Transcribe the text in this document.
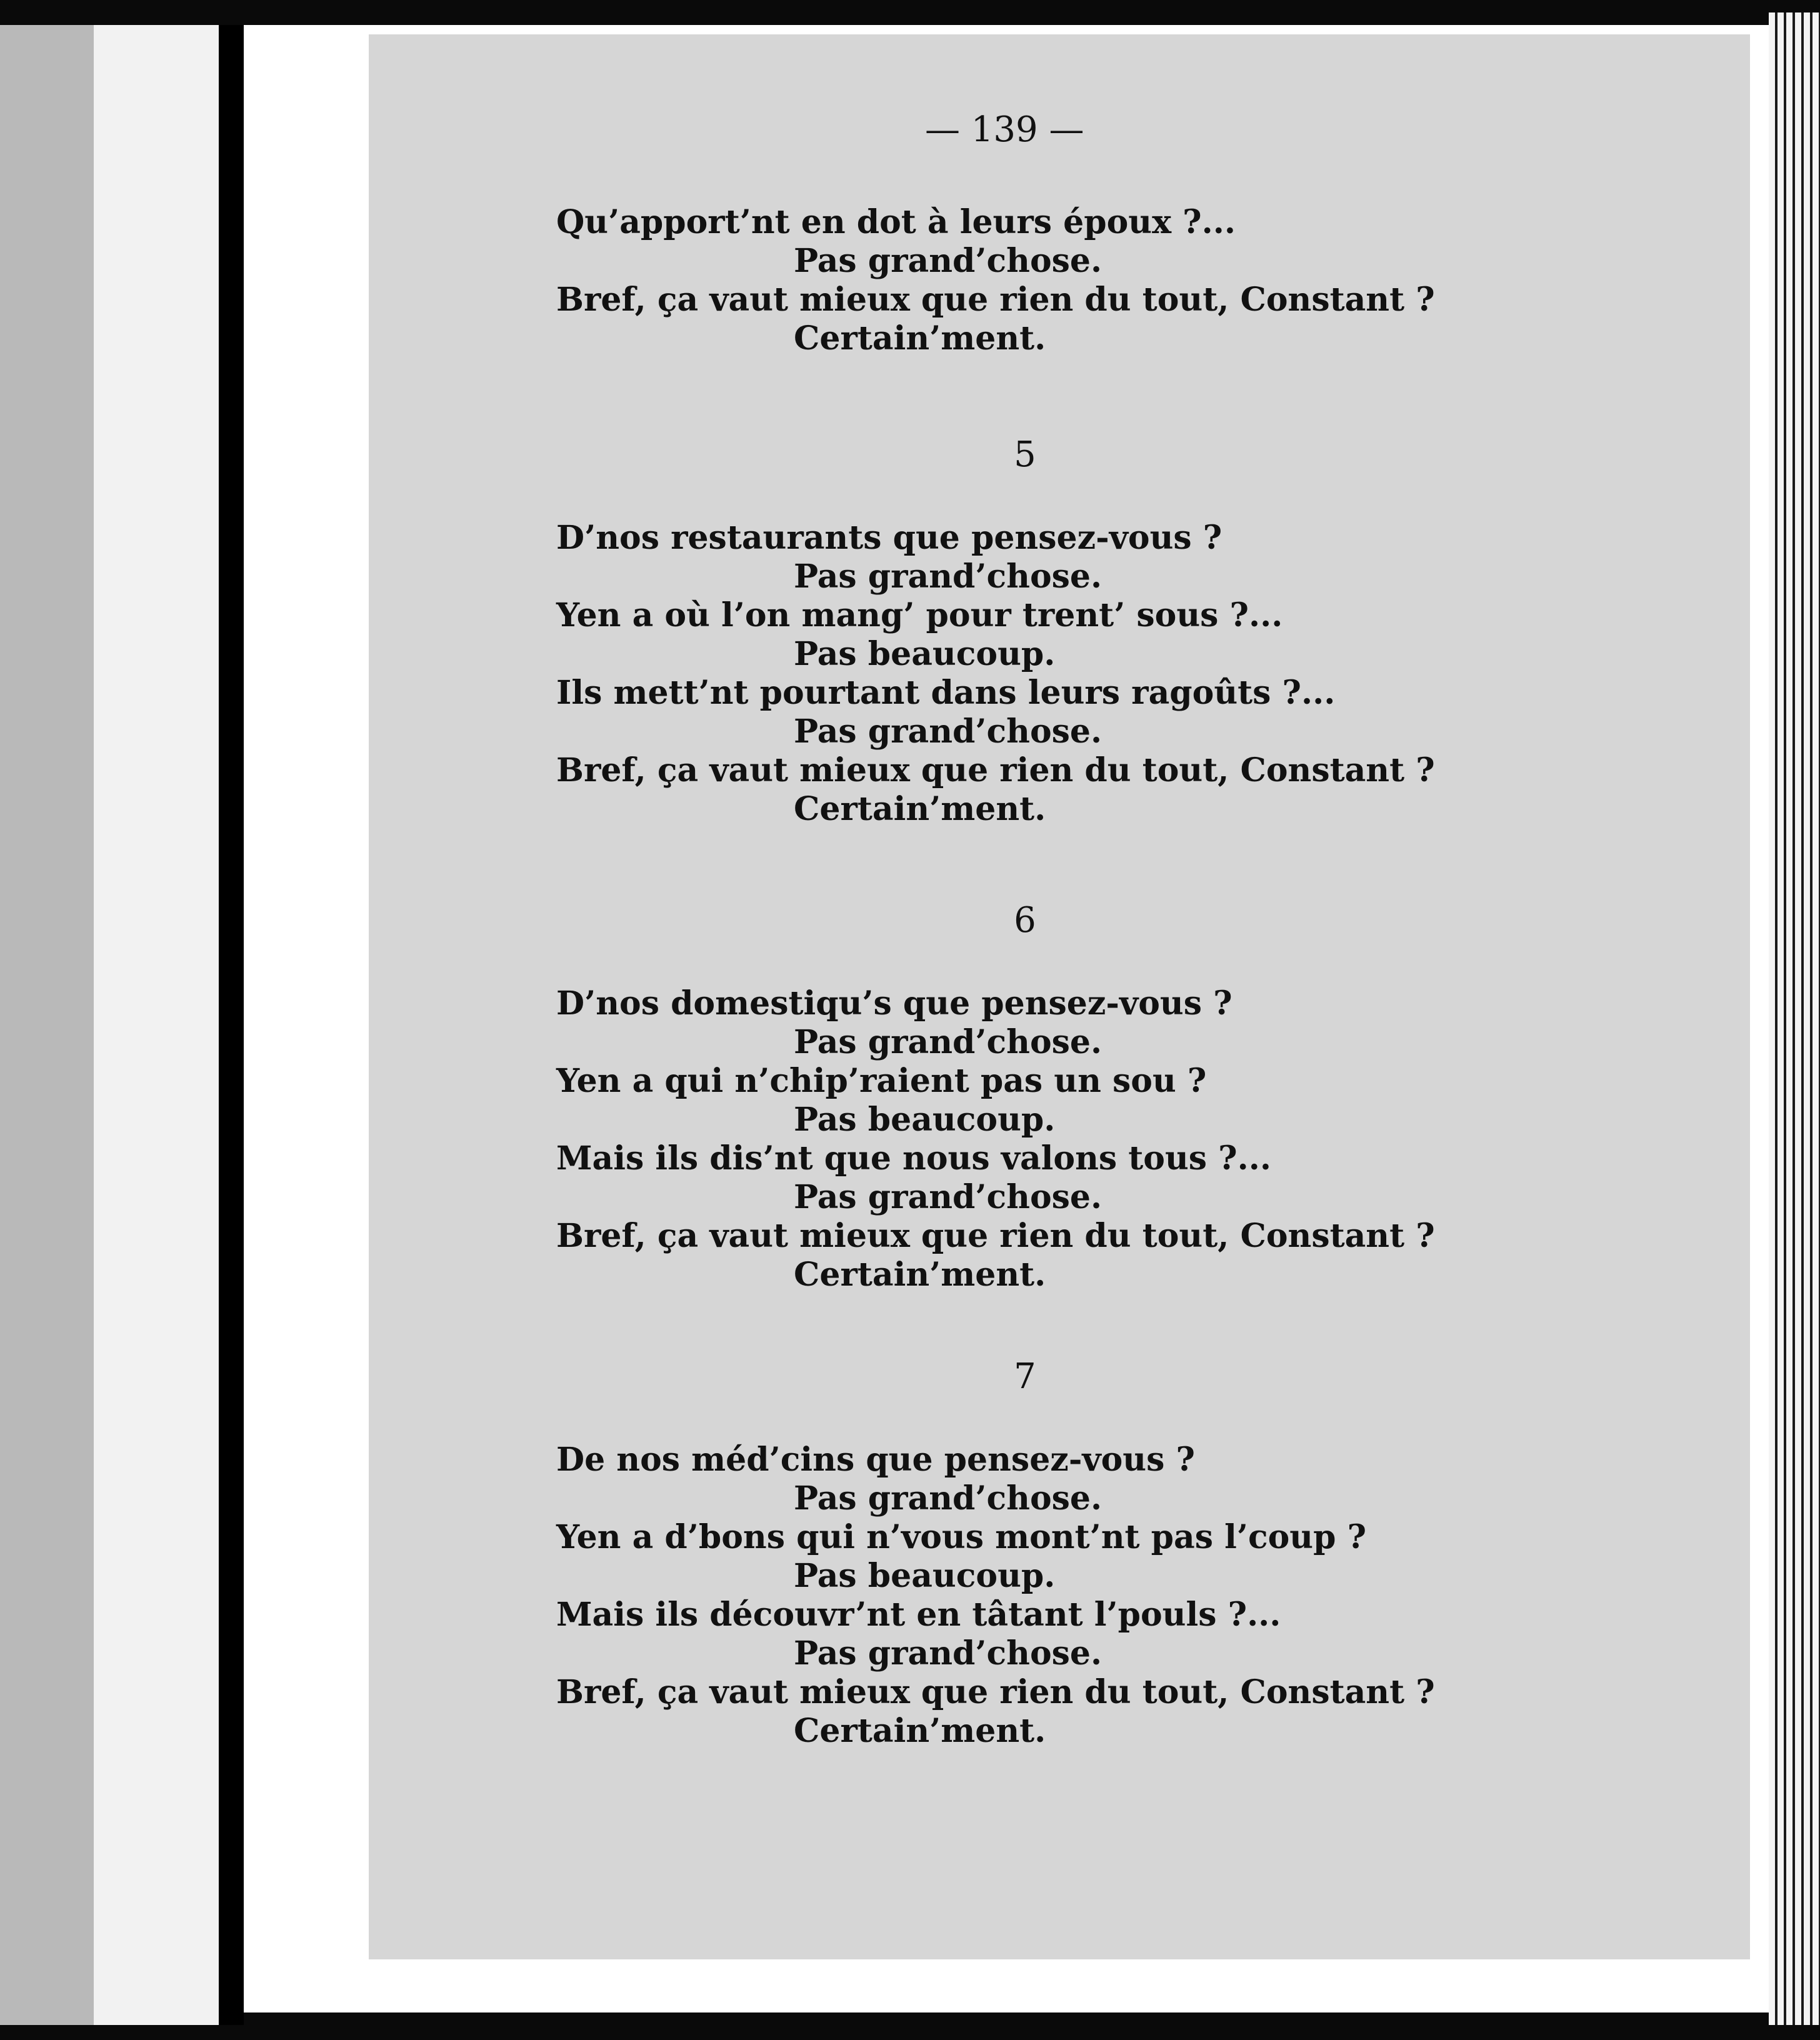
— 139 —
Qu’apport’nt en dot à leurs époux ?...
Pas grand’chose.
Bref, ça vaut mieux que rien du tout, Constant ?
Certain’ment.
5
D’nos restaurants que pensez-vous ?
Pas grand’chose.
Yen a où l’on mang’ pour trent’ sous ?...
Pas beaucoup.
Ils mett’nt pourtant dans leurs ragoûts ?...
Pas grand’chose.
Bref, ça vaut mieux que rien du tout, Constant ?
Certain’ment.
6
D’nos domestiqu’s que pensez-vous ?
Pas grand’chose.
Yen a qui n’chip’raient pas un sou ?
Pas beaucoup.
Mais ils dis’nt que nous valons tous ?...
Pas grand’chose.
Bref, ça vaut mieux que rien du tout, Constant ?
Certain’ment.
7
De nos méd’cins que pensez-vous ?
Pas grand’chose.
Yen a d’bons qui n’vous mont’nt pas l’coup ?
Pas beaucoup.
Mais ils découvr’nt en tâtant l’pouls ?...
Pas grand’chose.
Bref, ça vaut mieux que rien du tout, Constant ?
Certain’ment.
